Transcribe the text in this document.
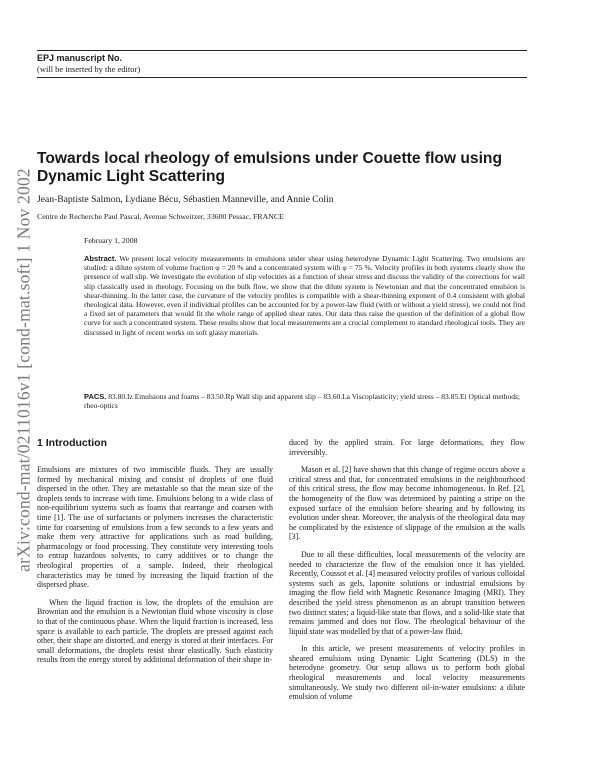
EPJ manuscript No.
(will be inserted by the editor)
arXiv:cond-mat/0211016v1 [cond-mat.soft] 1 Nov 2002
Towards local rheology of emulsions under Couette flow using Dynamic Light Scattering
Jean-Baptiste Salmon, Lydiane Bécu, Sébastien Manneville, and Annie Colin
Centre de Recherche Paul Pascal, Avenue Schweitzer, 33600 Pessac, FRANCE
February 1, 2008

Abstract. We present local velocity measurements in emulsions under shear using heterodyne Dynamic Light Scattering. Two emulsions are studied: a dilute system of volume fraction φ = 20 % and a concentrated system with φ = 75 %. Velocity profiles in both systems clearly show the presence of wall slip. We investigate the evolution of slip velocities as a function of shear stress and discuss the validity of the corrections for wall slip classically used in rheology. Focusing on the bulk flow, we show that the dilute system is Newtonian and that the concentrated emulsion is shear-thinning. In the latter case, the curvature of the velocity profiles is compatible with a shear-thinning exponent of 0.4 consistent with global rheological data. However, even if individual profiles can be accounted for by a power-law fluid (with or without a yield stress), we could not find a fixed set of parameters that would fit the whole range of applied shear rates. Our data thus raise the question of the definition of a global flow curve for such a concentrated system. These results show that local measurements are a crucial complement to standard rheological tools. They are discussed in light of recent works on soft glassy materials.

PACS. 83.80.Iz Emulsions and foams – 83.50.Rp Wall slip and apparent slip – 83.60.La Viscoplasticity; yield stress – 83.85.Ei Optical methods; rheo-optics

1 Introduction

Emulsions are mixtures of two immiscible fluids. They are usually formed by mechanical mixing and consist of droplets of one fluid dispersed in the other. They are metastable so that the mean size of the droplets tends to increase with time. Emulsions belong to a wide class of non-equilibrium systems such as foams that rearrange and coarsen with time [1]. The use of surfactants or polymers increases the characteristic time for coarsening of emulsions from a few seconds to a few years and make them very attractive for applications such as road building, pharmacology or food processing. They constitute very interesting tools to entrap hazardous solvents, to carry additives or to change the rheological properties of a sample. Indeed, their rheological characteristics may be tuned by increasing the liquid fraction of the dispersed phase.

When the liquid fraction is low, the droplets of the emulsion are Brownian and the emulsion is a Newtonian fluid whose viscosity is close to that of the continuous phase. When the liquid fraction is increased, less space is available to each particle. The droplets are pressed against each other, their shape are distorted, and energy is stored at their interfaces. For small deformations, the droplets resist shear elastically. Such elasticity results from the energy stored by additional deformation of their shape in-

duced by the applied strain. For large deformations, they flow irreversibly.

Mason et al. [2] have shown that this change of regime occurs above a critical stress and that, for concentrated emulsions in the neighbourhood of this critical stress, the flow may become inhomogeneous. In Ref. [2], the homogeneity of the flow was determined by painting a stripe on the exposed surface of the emulsion before shearing and by following its evolution under shear. Moreover, the analysis of the rheological data may be complicated by the existence of slippage of the emulsion at the walls [3].

Due to all these difficulties, local measurements of the velocity are needed to characterize the flow of the emulsion once it has yielded. Recently, Coussot et al. [4] measured velocity profiles of various colloidal systems such as gels, laponite solutions or industrial emulsions by imaging the flow field with Magnetic Resonance Imaging (MRI). They described the yield stress phenomenon as an abrupt transition between two distinct states; a liquid-like state that flows, and a solid-like state that remains jammed and does not flow. The rheological behaviour of the liquid state was modelled by that of a power-law fluid.

In this article, we present measurements of velocity profiles in sheared emulsions using Dynamic Light Scattering (DLS) in the heterodyne geometry. Our setup allows us to perform both global rheological measurements and local velocity measurements simultaneously. We study two different oil-in-water emulsions: a dilute emulsion of volume
